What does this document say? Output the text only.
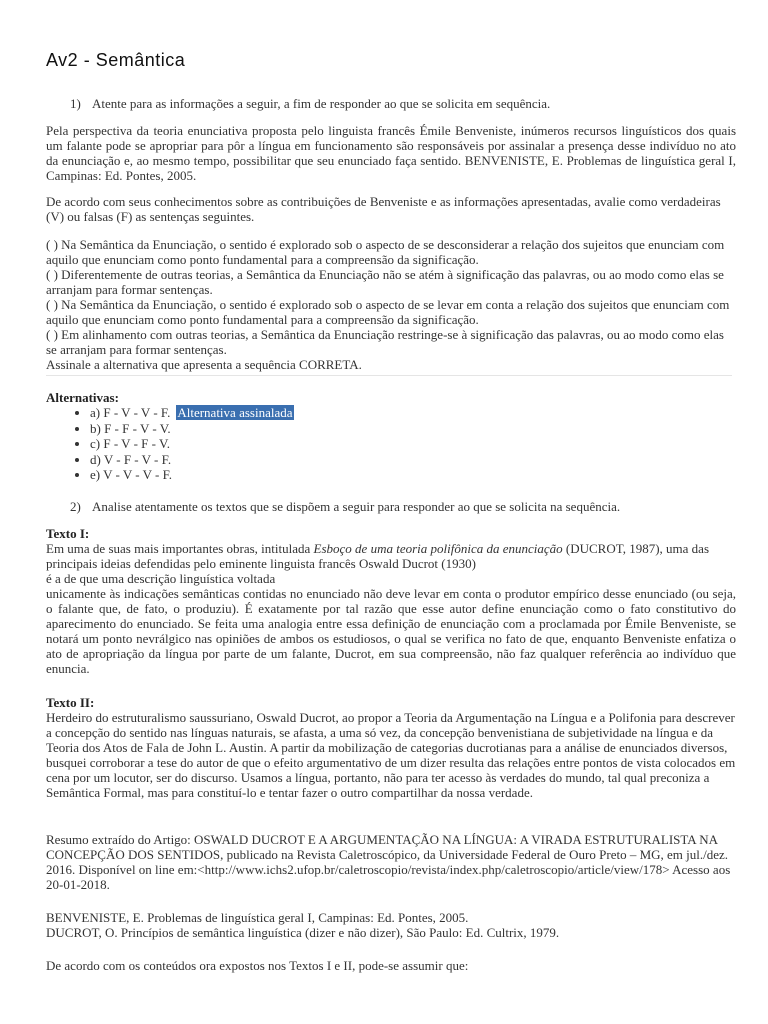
Av2 - Semântica
1) Atente para as informações a seguir, a fim de responder ao que se solicita em sequência.

Pela perspectiva da teoria enunciativa proposta pelo linguista francês Émile Benveniste, inúmeros recursos linguísticos dos quais um falante pode se apropriar para pôr a língua em funcionamento são responsáveis por assinalar a presença desse indivíduo no ato da enunciação e, ao mesmo tempo, possibilitar que seu enunciado faça sentido. BENVENISTE, E. Problemas de linguística geral I, Campinas: Ed. Pontes, 2005.

De acordo com seus conhecimentos sobre as contribuições de Benveniste e as informações apresentadas, avalie como verdadeiras (V) ou falsas (F) as sentenças seguintes.

( ) Na Semântica da Enunciação, o sentido é explorado sob o aspecto de se desconsiderar a relação dos sujeitos que enunciam com aquilo que enunciam como ponto fundamental para a compreensão da significação.
( ) Diferentemente de outras teorias, a Semântica da Enunciação não se atém à significação das palavras, ou ao modo como elas se arranjam para formar sentenças.
( ) Na Semântica da Enunciação, o sentido é explorado sob o aspecto de se levar em conta a relação dos sujeitos que enunciam com aquilo que enunciam como ponto fundamental para a compreensão da significação.
( ) Em alinhamento com outras teorias, a Semântica da Enunciação restringe-se à significação das palavras, ou ao modo como elas se arranjam para formar sentenças.
Assinale a alternativa que apresenta a sequência CORRETA.
Alternativas:
• a) F - V - V - F. Alternativa assinalada
• b) F - F - V - V.
• c) F - V - F - V.
• d) V - F - V - F.
• e) V - V - V - F.
2) Analise atentamente os textos que se dispõem a seguir para responder ao que se solicita na sequência.
Texto I:
Em uma de suas mais importantes obras, intitulada Esboço de uma teoria polifônica da enunciação (DUCROT, 1987), uma das principais ideias defendidas pelo eminente linguista francês Oswald Ducrot (1930)
é a de que uma descrição linguística voltada
unicamente às indicações semânticas contidas no enunciado não deve levar em conta o produtor empírico desse enunciado (ou seja, o falante que, de fato, o produziu). É exatamente por tal razão que esse autor define enunciação como o fato constitutivo do aparecimento do enunciado. Se feita uma analogia entre essa definição de enunciação com a proclamada por Émile Benveniste, se notará um ponto nevrálgico nas opiniões de ambos os estudiosos, o qual se verifica no fato de que, enquanto Benveniste enfatiza o ato de apropriação da língua por parte de um falante, Ducrot, em sua compreensão, não faz qualquer referência ao indivíduo que enuncia.
Texto II:
Herdeiro do estruturalismo saussuriano, Oswald Ducrot, ao propor a Teoria da Argumentação na Língua e a Polifonia para descrever a concepção do sentido nas línguas naturais, se afasta, a uma só vez, da concepção benvenistiana de subjetividade na língua e da Teoria dos Atos de Fala de John L. Austin. A partir da mobilização de categorias ducrotianas para a análise de enunciados diversos, busquei corroborar a tese do autor de que o efeito argumentativo de um dizer resulta das relações entre pontos de vista colocados em cena por um locutor, ser do discurso. Usamos a língua, portanto, não para ter acesso às verdades do mundo, tal qual preconiza a Semântica Formal, mas para constituí-lo e tentar fazer o outro compartilhar da nossa verdade.

Resumo extraído do Artigo: OSWALD DUCROT E A ARGUMENTAÇÃO NA LÍNGUA: A VIRADA ESTRUTURALISTA NA CONCEPÇÃO DOS SENTIDOS, publicado na Revista Caletroscópico, da Universidade Federal de Ouro Preto – MG, em jul./dez. 2016. Disponível on line em:<http://www.ichs2.ufop.br/caletroscopio/revista/index.php/caletroscopio/article/view/178> Acesso aos 20-01-2018.

BENVENISTE, E. Problemas de linguística geral I, Campinas: Ed. Pontes, 2005.
DUCROT, O. Princípios de semântica linguística (dizer e não dizer), São Paulo: Ed. Cultrix, 1979.

De acordo com os conteúdos ora expostos nos Textos I e II, pode-se assumir que:
